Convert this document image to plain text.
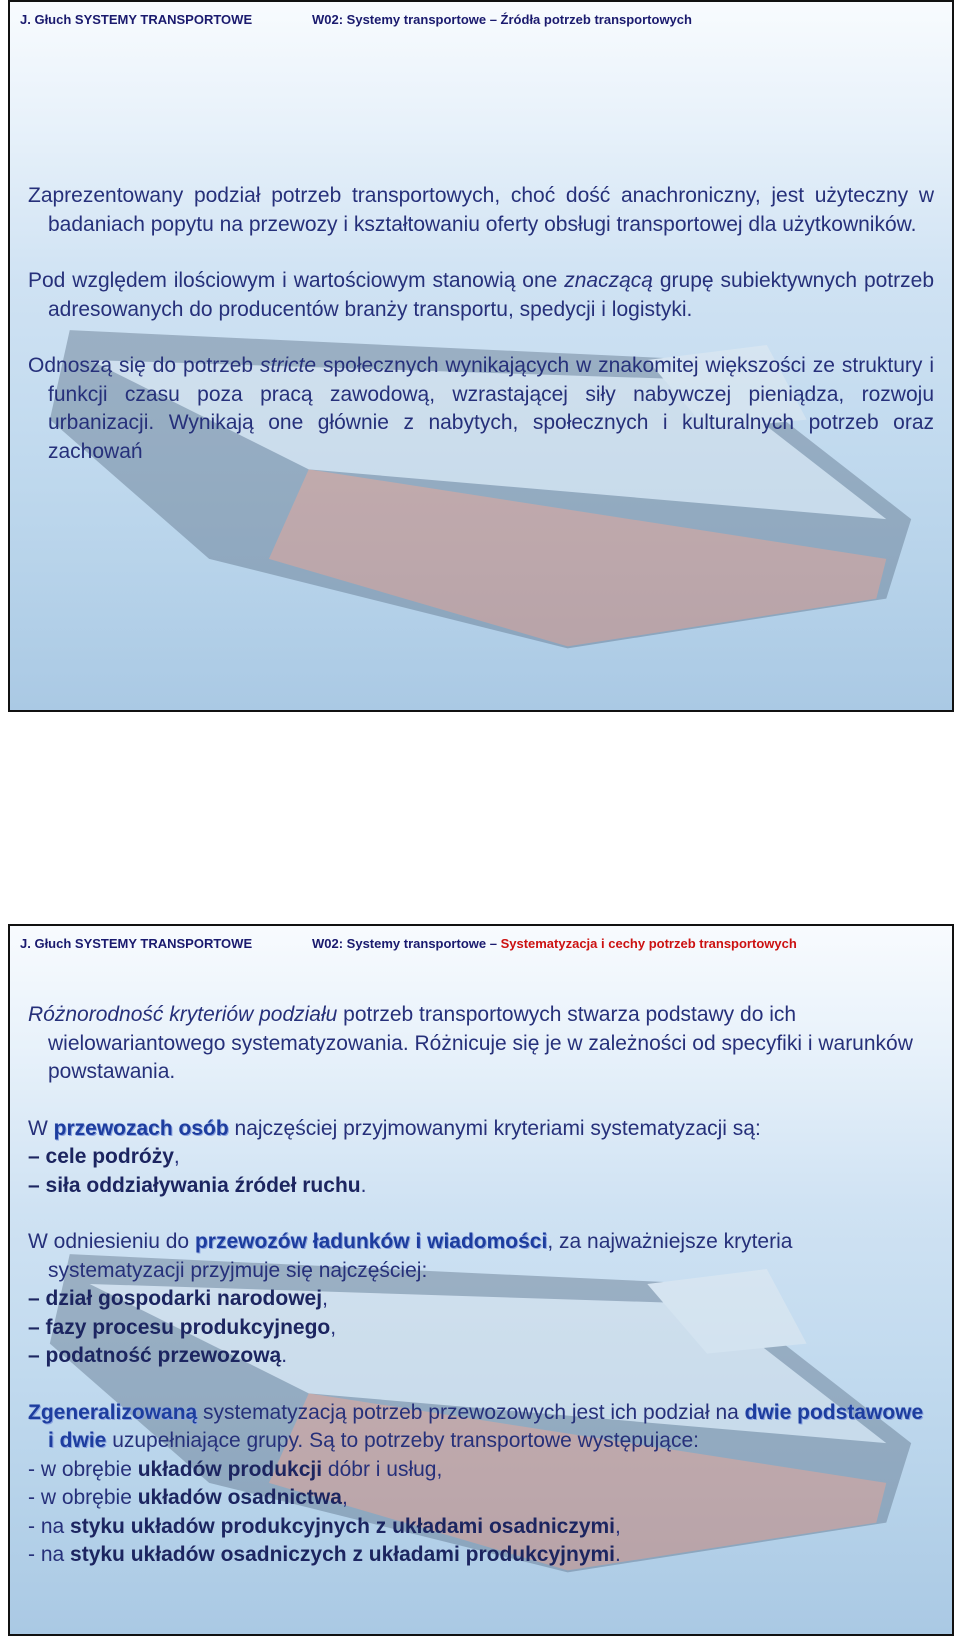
J. Głuch SYSTEMY TRANSPORTOWE	W02: Systemy transportowe – Źródła potrzeb transportowych

Zaprezentowany podział potrzeb transportowych, choć dość anachroniczny, jest użyteczny w badaniach popytu na przewozy i kształtowaniu oferty obsługi transportowej dla użytkowników.

Pod względem ilościowym i wartościowym stanowią one znaczącą grupę subiektywnych potrzeb adresowanych do producentów branży transportu, spedycji i logistyki.

Odnoszą się do potrzeb stricte społecznych wynikających w znakomitej większości ze struktury i funkcji czasu poza pracą zawodową, wzrastającej siły nabywczej pieniądza, rozwoju urbanizacji. Wynikają one głównie z nabytych, społecznych i kulturalnych potrzeb oraz zachowań

J. Głuch SYSTEMY TRANSPORTOWE	W02: Systemy transportowe – Systematyzacja i cechy potrzeb transportowych

Różnorodność kryteriów podziału potrzeb transportowych stwarza podstawy do ich wielowariantowego systematyzowania. Różnicuje się je w zależności od specyfiki i warunków powstawania.

W przewozach osób najczęściej przyjmowanymi kryteriami systematyzacji są:
– cele podróży,
– siła oddziaływania źródeł ruchu.

W odniesieniu do przewozów ładunków i wiadomości, za najważniejsze kryteria systematyzacji przyjmuje się najczęściej:
– dział gospodarki narodowej,
– fazy procesu produkcyjnego,
– podatność przewozową.

Zgeneralizowaną systematyzacją potrzeb przewozowych jest ich podział na dwie podstawowe i dwie uzupełniające grupy. Są to potrzeby transportowe występujące:
- w obrębie układów produkcji dóbr i usług,
- w obrębie układów osadnictwa,
- na styku układów produkcyjnych z układami osadniczymi,
- na styku układów osadniczych z układami produkcyjnymi.
